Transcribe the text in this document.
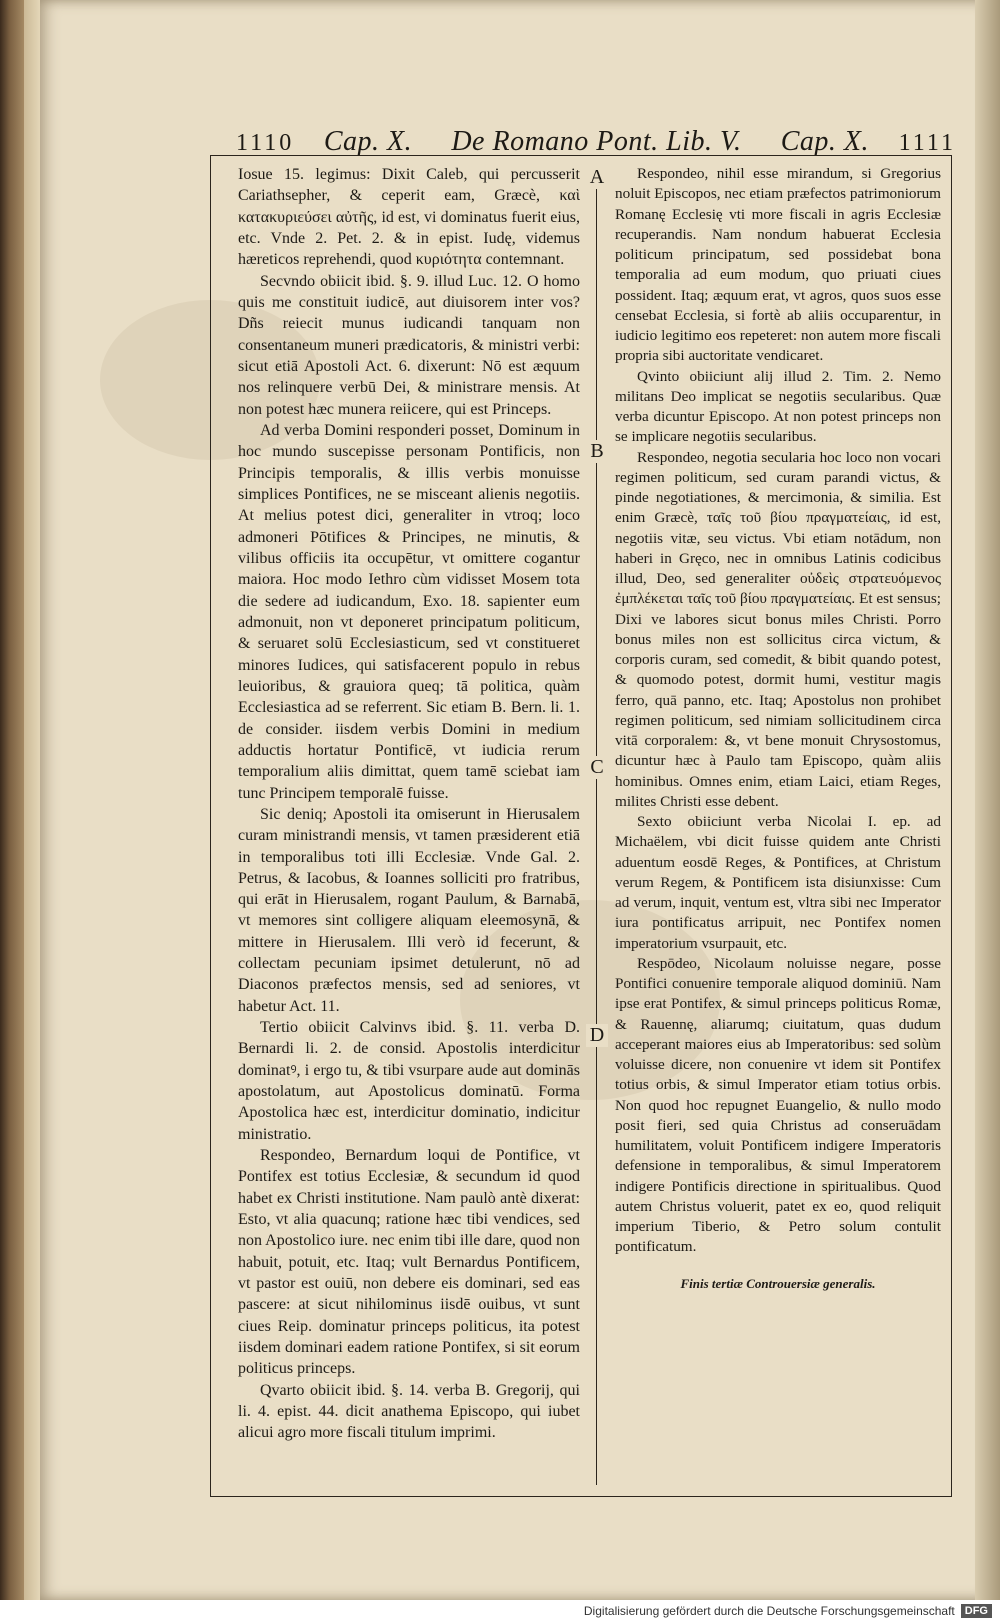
1110 Cap. X. De Romano Pont. Lib. V. Cap. X. 1111

Iosue 15. legimus: Dixit Caleb, qui percusserit Cariathsepher, & ceperit eam, Græcè, καὶ κατακυριεύσει αὐτῆς, id est, vi dominatus fuerit eius, etc. Vnde 2. Pet. 2. & in epist. Iudę, videmus hæreticos reprehendi, quod κυριότητα contemnant.

Secvndo obiicit ibid. §. 9. illud Luc. 12. O homo quis me constituit iudicē, aut diuisorem inter vos? Dñs reiecit munus iudicandi tanquam non consentaneum muneri prædicatoris, & ministri verbi: sicut etiā Apostoli Act. 6. dixerunt: Nō est æquum nos relinquere verbū Dei, & ministrare mensis. At non potest hæc munera reiicere, qui est Princeps.

Ad verba Domini responderi posset, Dominum in hoc mundo suscepisse personam Pontificis, non Principis temporalis, & illis verbis monuisse simplices Pontifices, ne se misceant alienis negotiis. At melius potest dici, generaliter in vtroq; loco admoneri Pōtifices & Principes, ne minutis, & vilibus officiis ita occupētur, vt omittere cogantur maiora. Hoc modo Iethro cùm vidisset Mosem tota die sedere ad iudicandum, Exo. 18. sapienter eum admonuit, non vt deponeret principatum politicum, & seruaret solū Ecclesiasticum, sed vt constitueret minores Iudices, qui satisfacerent populo in rebus leuioribus, & grauiora queq; tā politica, quàm Ecclesiastica ad se referrent. Sic etiam B. Bern. li. 1. de consider. iisdem verbis Domini in medium adductis hortatur Pontificē, vt iudicia rerum temporalium aliis dimittat, quem tamē sciebat iam tunc Principem temporalē fuisse.

Sic deniq; Apostoli ita omiserunt in Hierusalem curam ministrandi mensis, vt tamen præsiderent etiā in temporalibus toti illi Ecclesiæ. Vnde Gal. 2. Petrus, & Iacobus, & Ioannes solliciti pro fratribus, qui erāt in Hierusalem, rogant Paulum, & Barnabā, vt memores sint colligere aliquam eleemosynā, & mittere in Hierusalem. Illi verò id fecerunt, & collectam pecuniam ipsimet detulerunt, nō ad Diaconos præfectos mensis, sed ad seniores, vt habetur Act. 11.

Tertio obiicit Calvinvs ibid. §. 11. verba D. Bernardi li. 2. de consid. Apostolis interdicitur dominatꝰ, i ergo tu, & tibi vsurpare aude aut dominās apostolatum, aut Apostolicus dominatū. Forma Apostolica hæc est, interdicitur dominatio, indicitur ministratio.

Respondeo, Bernardum loqui de Pontifice, vt Pontifex est totius Ecclesiæ, & secundum id quod habet ex Christi institutione. Nam paulò antè dixerat: Esto, vt alia quacunq; ratione hæc tibi vendices, sed non Apostolico iure. nec enim tibi ille dare, quod non habuit, potuit, etc. Itaq; vult Bernardus Pontificem, vt pastor est ouiū, non debere eis dominari, sed eas pascere: at sicut nihilominus iisdē ouibus, vt sunt ciues Reip. dominatur princeps politicus, ita potest iisdem dominari eadem ratione Pontifex, si sit eorum politicus princeps.

Qvarto obiicit ibid. §. 14. verba B. Gregorij, qui li. 4. epist. 44. dicit anathema Episcopo, qui iubet alicui agro more fiscali titulum imprimi.

A
B
C
D

Respondeo, nihil esse mirandum, si Gregorius noluit Episcopos, nec etiam præfectos patrimoniorum Romanę Ecclesię vti more fiscali in agris Ecclesiæ recuperandis. Nam nondum habuerat Ecclesia politicum principatum, sed possidebat bona temporalia ad eum modum, quo priuati ciues possident. Itaq; æquum erat, vt agros, quos suos esse censebat Ecclesia, si fortè ab aliis occuparentur, in iudicio legitimo eos repeteret: non autem more fiscali propria sibi auctoritate vendicaret.

Qvinto obiiciunt alij illud 2. Tim. 2. Nemo militans Deo implicat se negotiis secularibus. Quæ verba dicuntur Episcopo. At non potest princeps non se implicare negotiis secularibus.

Respondeo, negotia secularia hoc loco non vocari regimen politicum, sed curam parandi victus, & pinde negotiationes, & mercimonia, & similia. Est enim Græcè, ταῖς τοῦ βίου πραγματείαις, id est, negotiis vitæ, seu victus. Vbi etiam notādum, non haberi in Gręco, nec in omnibus Latinis codicibus illud, Deo, sed generaliter οὐδεὶς στρατευόμενος ἐμπλέκεται ταῖς τοῦ βίου πραγματείαις. Et est sensus; Dixi ve labores sicut bonus miles Christi. Porro bonus miles non est sollicitus circa victum, & corporis curam, sed comedit, & bibit quando potest, & quomodo potest, dormit humi, vestitur magis ferro, quā panno, etc. Itaq; Apostolus non prohibet regimen politicum, sed nimiam sollicitudinem circa vitā corporalem: &, vt bene monuit Chrysostomus, dicuntur hæc à Paulo tam Episcopo, quàm aliis hominibus. Omnes enim, etiam Laici, etiam Reges, milites Christi esse debent.

Sexto obiiciunt verba Nicolai I. ep. ad Michaëlem, vbi dicit fuisse quidem ante Christi aduentum eosdē Reges, & Pontifices, at Christum verum Regem, & Pontificem ista disiunxisse: Cum ad verum, inquit, ventum est, vltra sibi nec Imperator iura pontificatus arripuit, nec Pontifex nomen imperatorium vsurpauit, etc.

Respōdeo, Nicolaum noluisse negare, posse Pontifici conuenire temporale aliquod dominiū. Nam ipse erat Pontifex, & simul princeps politicus Romæ, & Rauennę, aliarumq; ciuitatum, quas dudum acceperant maiores eius ab Imperatoribus: sed solùm voluisse dicere, non conuenire vt idem sit Pontifex totius orbis, & simul Imperator etiam totius orbis. Non quod hoc repugnet Euangelio, & nullo modo posit fieri, sed quia Christus ad conseruādam humilitatem, voluit Pontificem indigere Imperatoris defensione in temporalibus, & simul Imperatorem indigere Pontificis directione in spiritualibus. Quod autem Christus voluerit, patet ex eo, quod reliquit imperium Tiberio, & Petro solum contulit pontificatum.

Finis tertiæ Controuersiæ generalis.
Digitalisierung gefördert durch die Deutsche Forschungsgemeinschaft DFG
